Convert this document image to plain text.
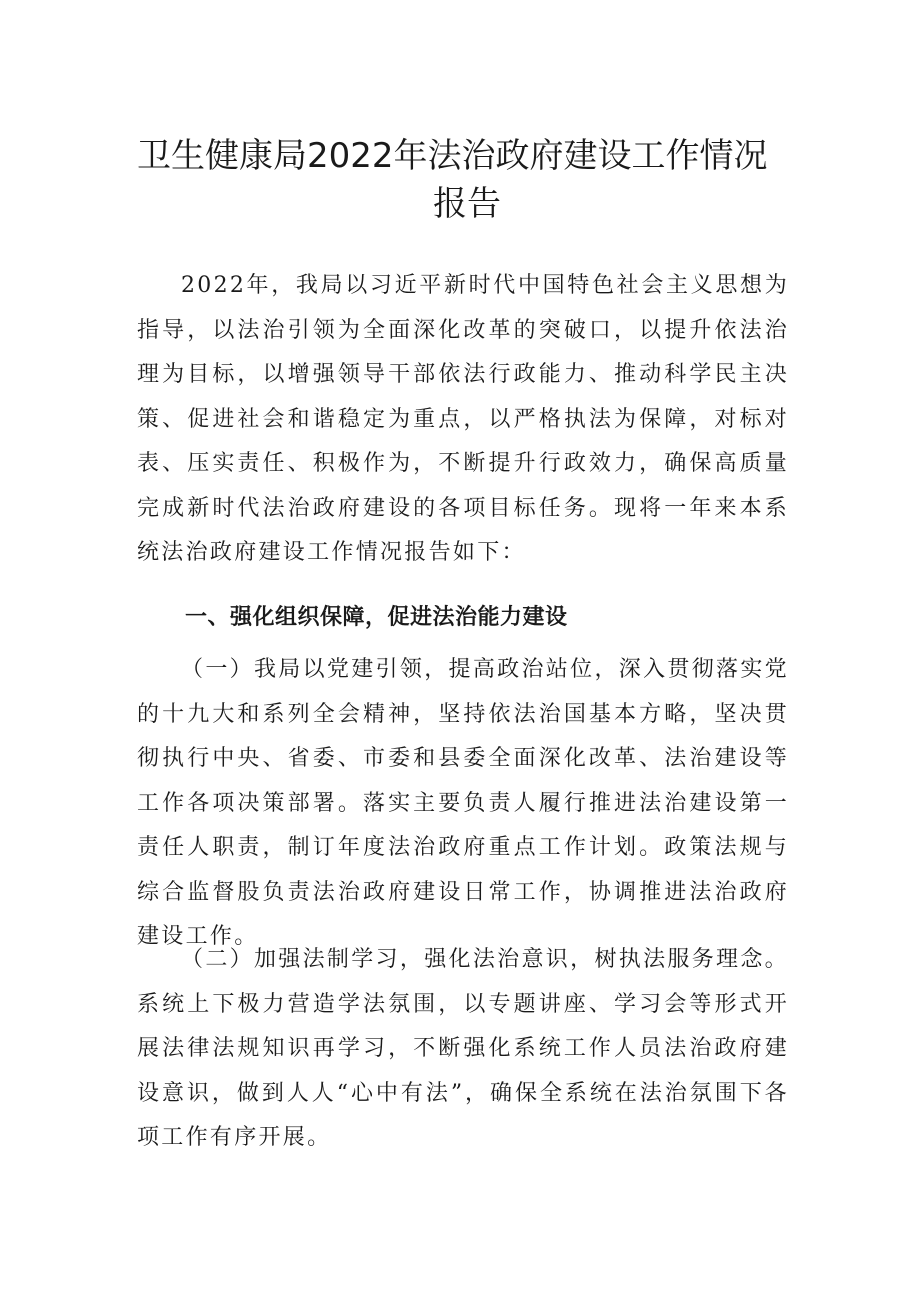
卫生健康局2022年法治政府建设工作情况
报告

2022年，我局以习近平新时代中国特色社会主义思想为指导，以法治引领为全面深化改革的突破口，以提升依法治理为目标，以增强领导干部依法行政能力、推动科学民主决策、促进社会和谐稳定为重点，以严格执法为保障，对标对表、压实责任、积极作为，不断提升行政效力，确保高质量完成新时代法治政府建设的各项目标任务。现将一年来本系统法治政府建设工作情况报告如下：

一、强化组织保障，促进法治能力建设

（一）我局以党建引领，提高政治站位，深入贯彻落实党的十九大和系列全会精神，坚持依法治国基本方略，坚决贯彻执行中央、省委、市委和县委全面深化改革、法治建设等工作各项决策部署。落实主要负责人履行推进法治建设第一责任人职责，制订年度法治政府重点工作计划。政策法规与综合监督股负责法治政府建设日常工作，协调推进法治政府建设工作。

（二）加强法制学习，强化法治意识，树执法服务理念。系统上下极力营造学法氛围，以专题讲座、学习会等形式开展法律法规知识再学习，不断强化系统工作人员法治政府建设意识，做到人人“心中有法”，确保全系统在法治氛围下各项工作有序开展。
